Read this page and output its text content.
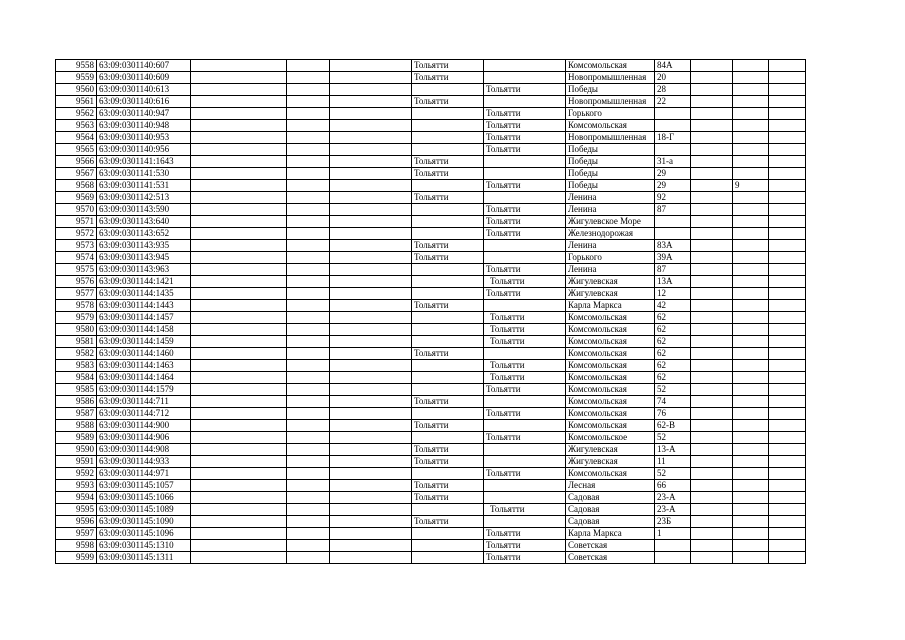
9558	63:09:0301140:607				Тольятти		Комсомольская	84А			
9559	63:09:0301140:609				Тольятти		Новопромышленная	20			
9560	63:09:0301140:613					Тольятти	Победы	28			
9561	63:09:0301140:616				Тольятти		Новопромышленная	22			
9562	63:09:0301140:947					Тольятти	Горького				
9563	63:09:0301140:948					Тольятти	Комсомольская				
9564	63:09:0301140:953					Тольятти	Новопромышленная	18-Г			
9565	63:09:0301140:956					Тольятти	Победы				
9566	63:09:0301141:1643				Тольятти		Победы	31-а			
9567	63:09:0301141:530				Тольятти		Победы	29			
9568	63:09:0301141:531					Тольятти	Победы	29		9	
9569	63:09:0301142:513				Тольятти		Ленина	92			
9570	63:09:0301143:590					Тольятти	Ленина	87			
9571	63:09:0301143:640					Тольятти	Жигулевское Море				
9572	63:09:0301143:652					Тольятти	Железнодорожая				
9573	63:09:0301143:935				Тольятти		Ленина	83А			
9574	63:09:0301143:945				Тольятти		Горького	39А			
9575	63:09:0301143:963					Тольятти	Ленина	87			
9576	63:09:0301144:1421					Тольятти	Жигулевская	13А			
9577	63:09:0301144:1435					Тольятти	Жигулевская	12			
9578	63:09:0301144:1443				Тольятти		Карла Маркса	42			
9579	63:09:0301144:1457					Тольятти	Комсомольская	62			
9580	63:09:0301144:1458					Тольятти	Комсомольская	62			
9581	63:09:0301144:1459					Тольятти	Комсомольская	62			
9582	63:09:0301144:1460				Тольятти		Комсомольская	62			
9583	63:09:0301144:1463					Тольятти	Комсомольская	62			
9584	63:09:0301144:1464					Тольятти	Комсомольская	62			
9585	63:09:0301144:1579					Тольятти	Комсомольская	52			
9586	63:09:0301144:711				Тольятти		Комсомольская	74			
9587	63:09:0301144:712					Тольятти	Комсомольская	76			
9588	63:09:0301144:900				Тольятти		Комсомольская	62-В			
9589	63:09:0301144:906					Тольятти	Комсомольское	52			
9590	63:09:0301144:908				Тольятти		Жигулевская	13-А			
9591	63:09:0301144:933				Тольятти		Жигулевская	11			
9592	63:09:0301144:971					Тольятти	Комсомольская	52			
9593	63:09:0301145:1057				Тольятти		Лесная	66			
9594	63:09:0301145:1066				Тольятти		Садовая	23-А			
9595	63:09:0301145:1089					Тольятти	Садовая	23-А			
9596	63:09:0301145:1090				Тольятти		Садовая	23Б			
9597	63:09:0301145:1096					Тольятти	Карла Маркса	1			
9598	63:09:0301145:1310					Тольятти	Советская				
9599	63:09:0301145:1311					Тольятти	Советская				
